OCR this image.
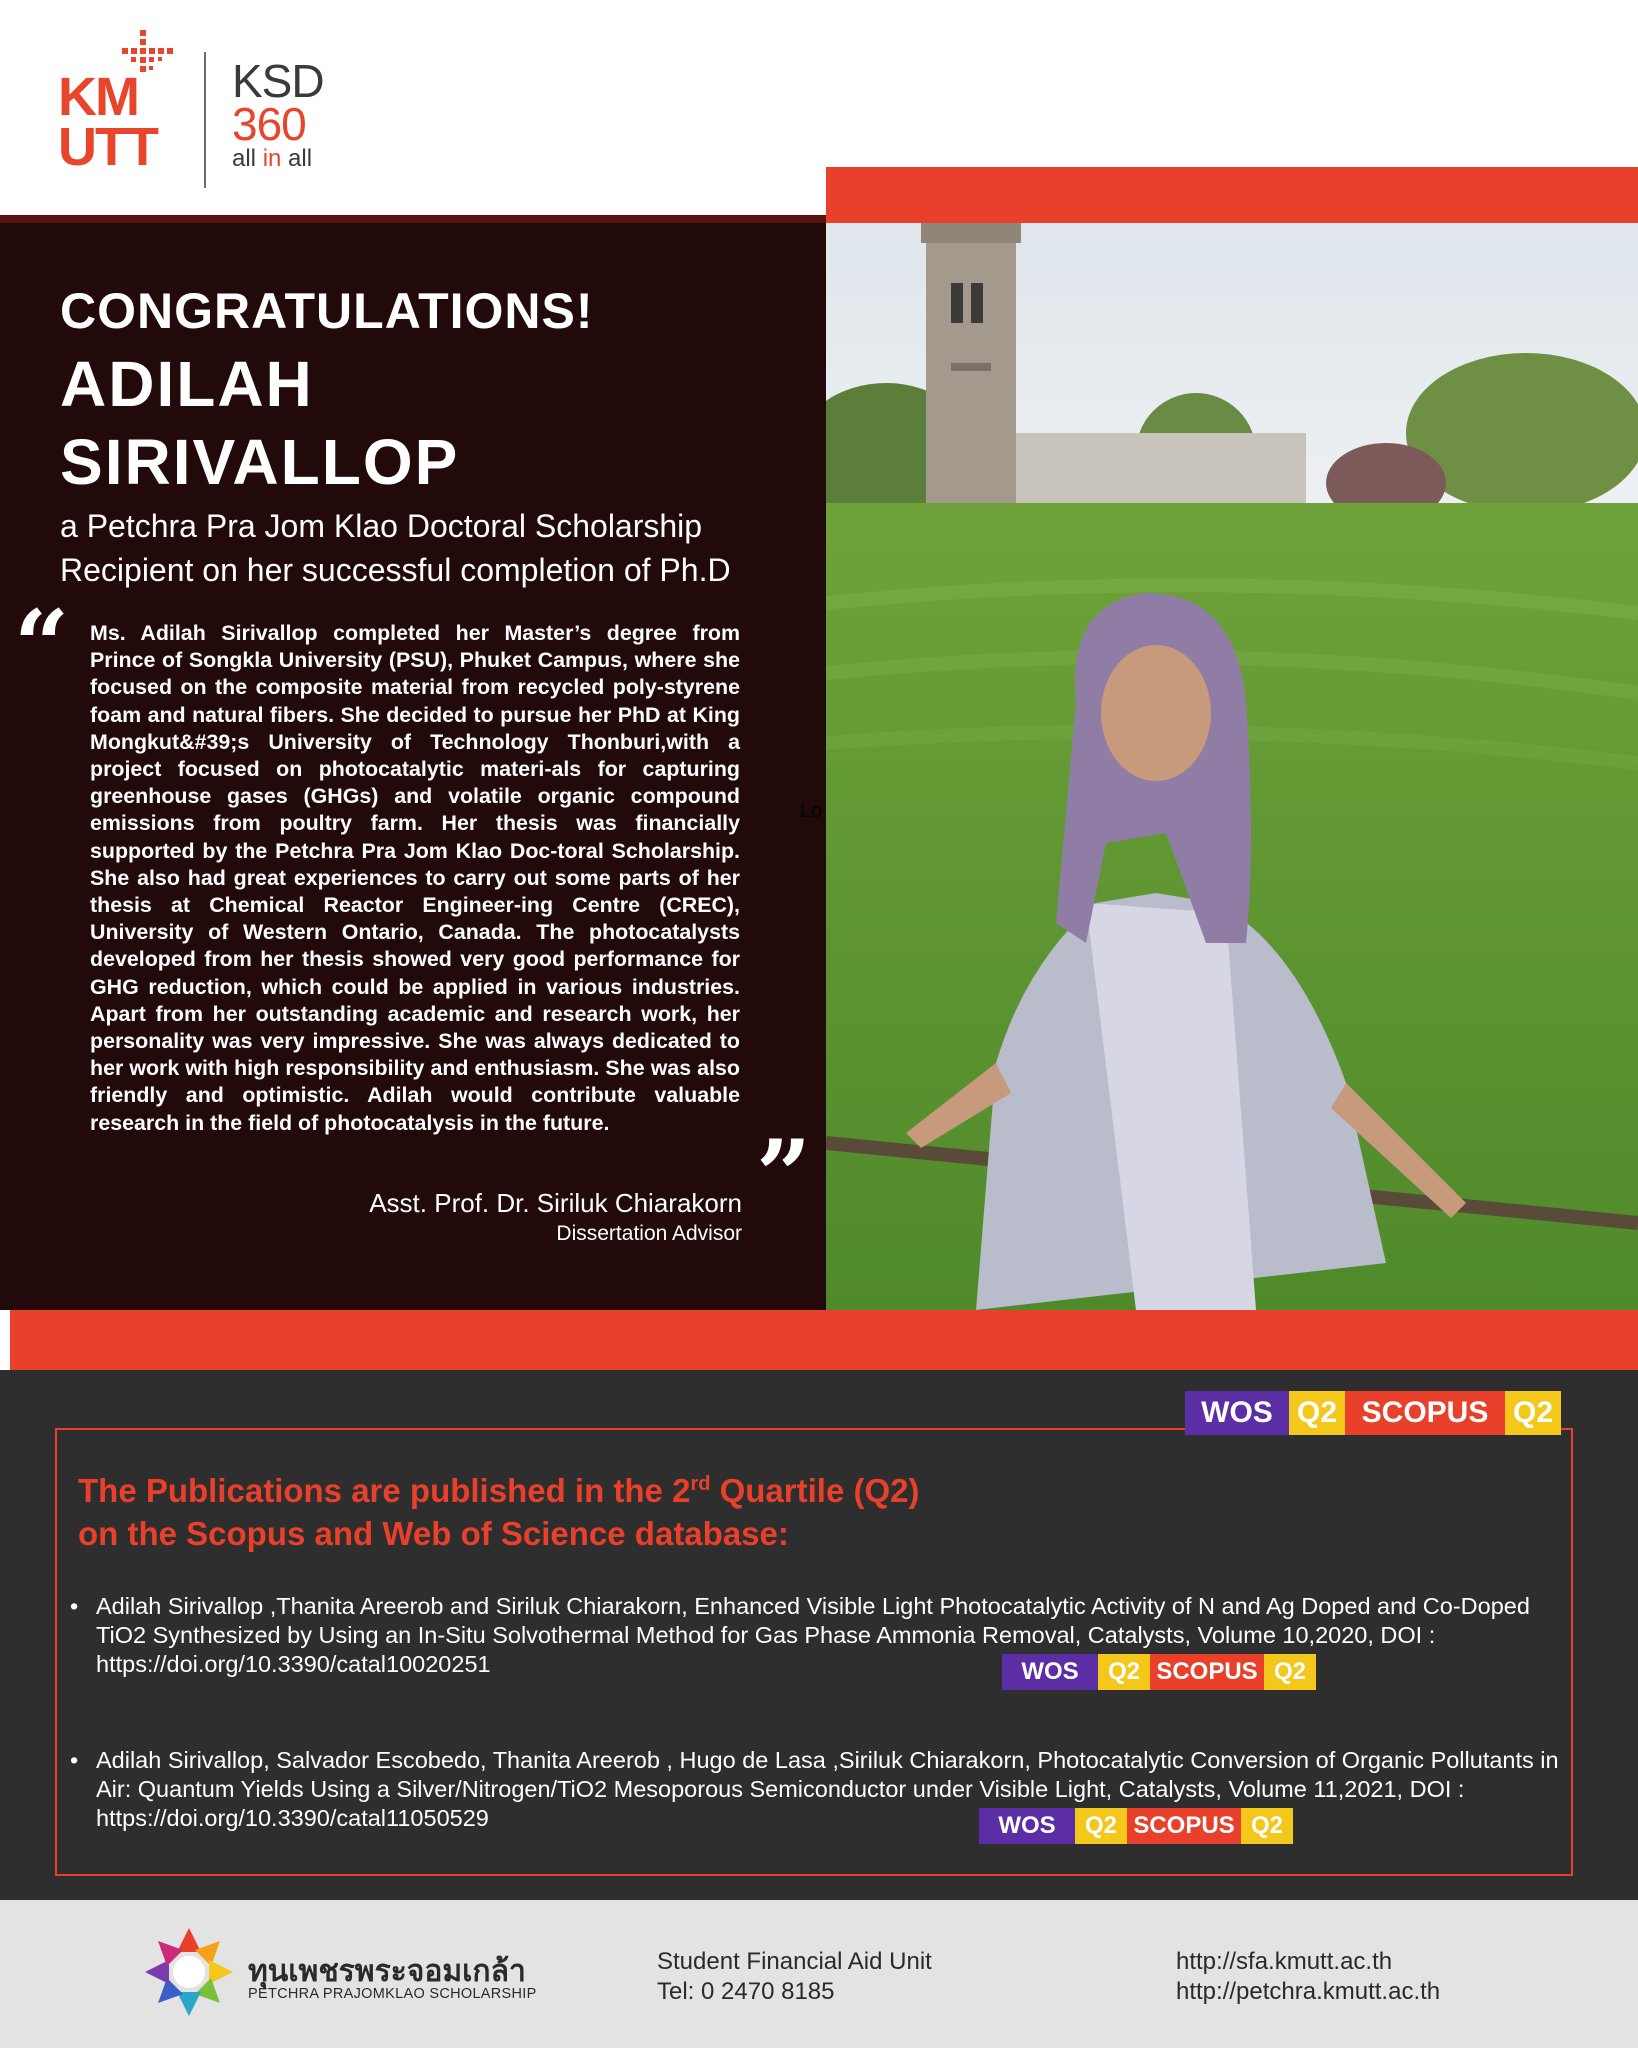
KM
UTT
KSD
360
all in all
CONGRATULATIONS!
ADILAH
SIRIVALLOP
a Petchra Pra Jom Klao Doctoral Scholarship
Recipient on her successful completion of Ph.D
“ Ms. Adilah Sirivallop completed her Master’s degree from Prince of Songkla University (PSU), Phuket Campus, where she focused on the composite material from recycled poly-styrene foam and natural fibers. She decided to pursue her PhD at King Mongkut&#39;s University of Technology Thonburi,with a project focused on photocatalytic materi-als for capturing greenhouse gases (GHGs) and volatile organic compound emissions from poultry farm. Her thesis was financially supported by the Petchra Pra Jom Klao Doc-toral Scholarship. She also had great experiences to carry out some parts of her thesis at Chemical Reactor Engineer-ing Centre (CREC), University of Western Ontario, Canada. The photocatalysts developed from her thesis showed very good performance for GHG reduction, which could be applied in various industries. Apart from her outstanding academic and research work, her personality was very impressive. She was always dedicated to her work with high responsibility and enthusiasm. She was also friendly and optimistic. Adilah would contribute valuable research in the field of photocatalysis in the future.	”
Asst. Prof. Dr. Siriluk Chiarakorn
Dissertation Advisor
Lo
WOS Q2 SCOPUS Q2
The Publications are published in the 2rd Quartile (Q2)
on the Scopus and Web of Science database:
• Adilah Sirivallop ,Thanita Areerob and Siriluk Chiarakorn, Enhanced Visible Light Photocatalytic Activity of N and Ag Doped and Co-Doped TiO2 Synthesized by Using an In-Situ Solvothermal Method for Gas Phase Ammonia Removal, Catalysts, Volume 10,2020, DOI : https://doi.org/10.3390/catal10020251	WOS	Q2 SCOPUS Q2
• Adilah Sirivallop, Salvador Escobedo, Thanita Areerob , Hugo de Lasa ,Siriluk Chiarakorn, Photocatalytic Conversion of Organic Pollutants in Air: Quantum Yields Using a Silver/Nitrogen/TiO2 Mesoporous Semiconductor under Visible Light, Catalysts, Volume 11,2021, DOI : https://doi.org/10.3390/catal11050529	WOS	Q2 SCOPUS Q2
ทุนเพชรพระจอมเกล้า
PETCHRA PRAJOMKLAO SCHOLARSHIP
Student Financial Aid Unit
Tel: 0 2470 8185
http://sfa.kmutt.ac.th
http://petchra.kmutt.ac.th
